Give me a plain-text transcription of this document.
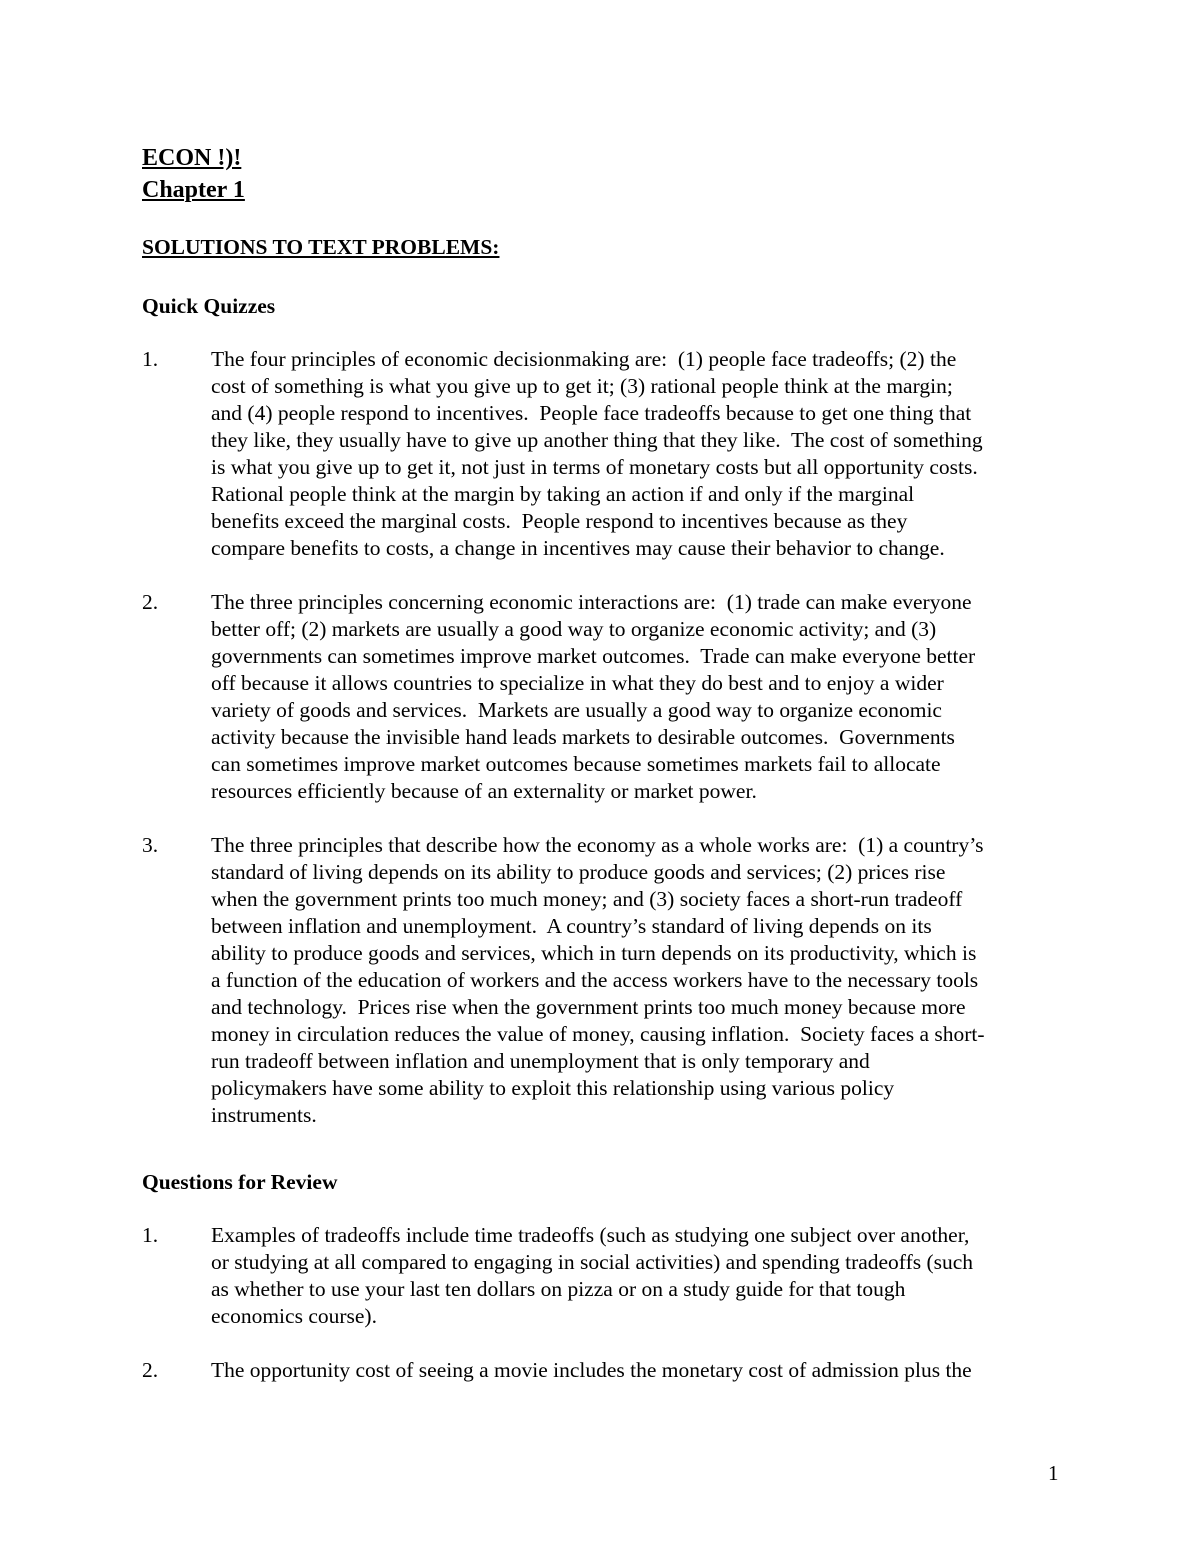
ECON !)!
Chapter 1
SOLUTIONS TO TEXT PROBLEMS:
Quick Quizzes
1. The four principles of economic decisionmaking are:  (1) people face tradeoffs; (2) the
cost of something is what you give up to get it; (3) rational people think at the margin;
and (4) people respond to incentives.  People face tradeoffs because to get one thing that
they like, they usually have to give up another thing that they like.  The cost of something
is what you give up to get it, not just in terms of monetary costs but all opportunity costs.
Rational people think at the margin by taking an action if and only if the marginal
benefits exceed the marginal costs.  People respond to incentives because as they
compare benefits to costs, a change in incentives may cause their behavior to change.
2. The three principles concerning economic interactions are:  (1) trade can make everyone
better off; (2) markets are usually a good way to organize economic activity; and (3)
governments can sometimes improve market outcomes.  Trade can make everyone better
off because it allows countries to specialize in what they do best and to enjoy a wider
variety of goods and services.  Markets are usually a good way to organize economic
activity because the invisible hand leads markets to desirable outcomes.  Governments
can sometimes improve market outcomes because sometimes markets fail to allocate
resources efficiently because of an externality or market power.
3. The three principles that describe how the economy as a whole works are:  (1) a country’s
standard of living depends on its ability to produce goods and services; (2) prices rise
when the government prints too much money; and (3) society faces a short-run tradeoff
between inflation and unemployment.  A country’s standard of living depends on its
ability to produce goods and services, which in turn depends on its productivity, which is
a function of the education of workers and the access workers have to the necessary tools
and technology.  Prices rise when the government prints too much money because more
money in circulation reduces the value of money, causing inflation.  Society faces a short-
run tradeoff between inflation and unemployment that is only temporary and
policymakers have some ability to exploit this relationship using various policy
instruments.
Questions for Review
1. Examples of tradeoffs include time tradeoffs (such as studying one subject over another,
or studying at all compared to engaging in social activities) and spending tradeoffs (such
as whether to use your last ten dollars on pizza or on a study guide for that tough
economics course).
2. The opportunity cost of seeing a movie includes the monetary cost of admission plus the
1
